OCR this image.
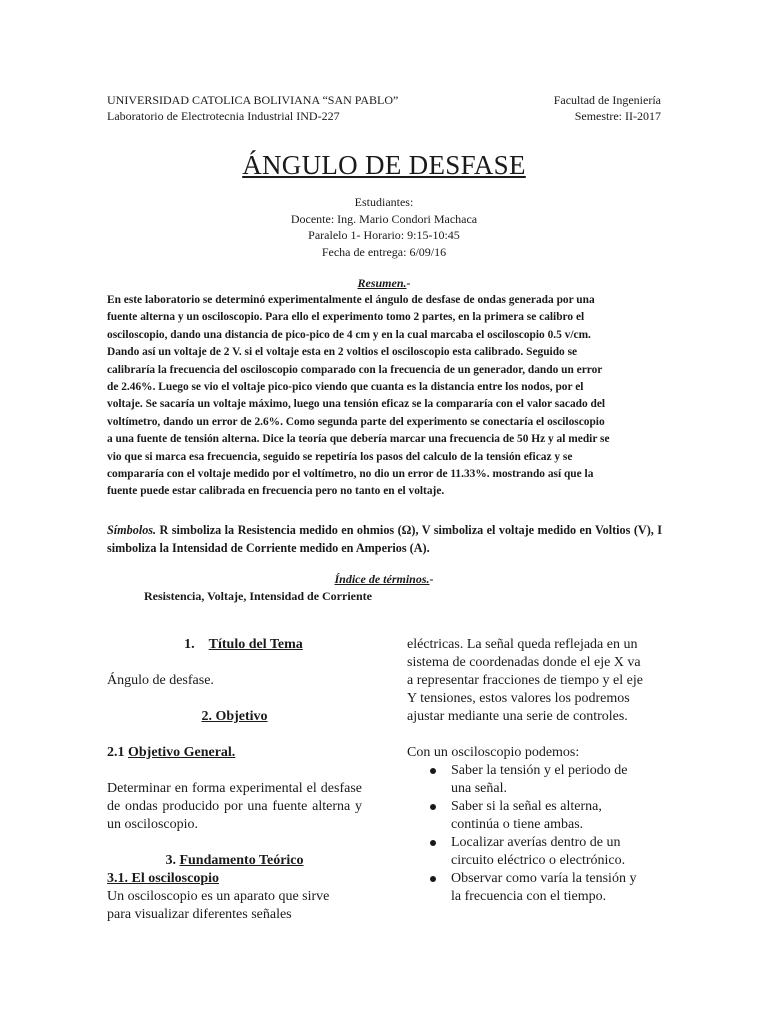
UNIVERSIDAD CATOLICA BOLIVIANA “SAN PABLO”
Laboratorio de Electrotecnia Industrial IND-227
Facultad de Ingeniería
Semestre: II-2017
ÁNGULO DE DESFASE
Estudiantes:
Docente: Ing. Mario Condori Machaca
Paralelo 1- Horario: 9:15-10:45
Fecha de entrega: 6/09/16
Resumen.-
En este laboratorio se determinó experimentalmente el ángulo de desfase de ondas generada por una
fuente alterna y un osciloscopio. Para ello el experimento tomo 2 partes, en la primera se calibro el
osciloscopio, dando una distancia de pico-pico de 4 cm y en la cual marcaba el osciloscopio 0.5 v/cm.
Dando así un voltaje de 2 V. si el voltaje esta en 2 voltios el osciloscopio esta calibrado. Seguido se
calibraría la frecuencia del osciloscopio comparado con la frecuencia de un generador, dando un error
de 2.46%. Luego se vio el voltaje pico-pico viendo que cuanta es la distancia entre los nodos, por el
voltaje. Se sacaría un voltaje máximo, luego una tensión eficaz se la compararía con el valor sacado del
voltímetro, dando un error de 2.6%. Como segunda parte del experimento se conectaría el osciloscopio
a una fuente de tensión alterna. Dice la teoría que debería marcar una frecuencia de 50 Hz y al medir se
vio que si marca esa frecuencia, seguido se repetiría los pasos del calculo de la tensión eficaz y se
compararía con el voltaje medido por el voltímetro, no dio un error de 11.33%. mostrando así que la
fuente puede estar calibrada en frecuencia pero no tanto en el voltaje.
Símbolos. R simboliza la Resistencia medido en ohmios (Ω), V simboliza el voltaje medido en Voltios (V), I simboliza la Intensidad de Corriente medido en Amperios (A).
Índice de términos.-
Resistencia, Voltaje, Intensidad de Corriente
1. Título del Tema
Ángulo de desfase.
2. Objetivo
2.1 Objetivo General.
Determinar en forma experimental el desfase de ondas producido por una fuente alterna y un osciloscopio.
3. Fundamento Teórico
3.1. El osciloscopio
Un osciloscopio es un aparato que sirve
para visualizar diferentes señales
eléctricas. La señal queda reflejada en un
sistema de coordenadas donde el eje X va
a representar fracciones de tiempo y el eje
Y tensiones, estos valores los podremos
ajustar mediante una serie de controles.
Con un osciloscopio podemos:
Saber la tensión y el periodo de
una señal.
Saber si la señal es alterna,
continúa o tiene ambas.
Localizar averías dentro de un
circuito eléctrico o electrónico.
Observar como varía la tensión y
la frecuencia con el tiempo.
